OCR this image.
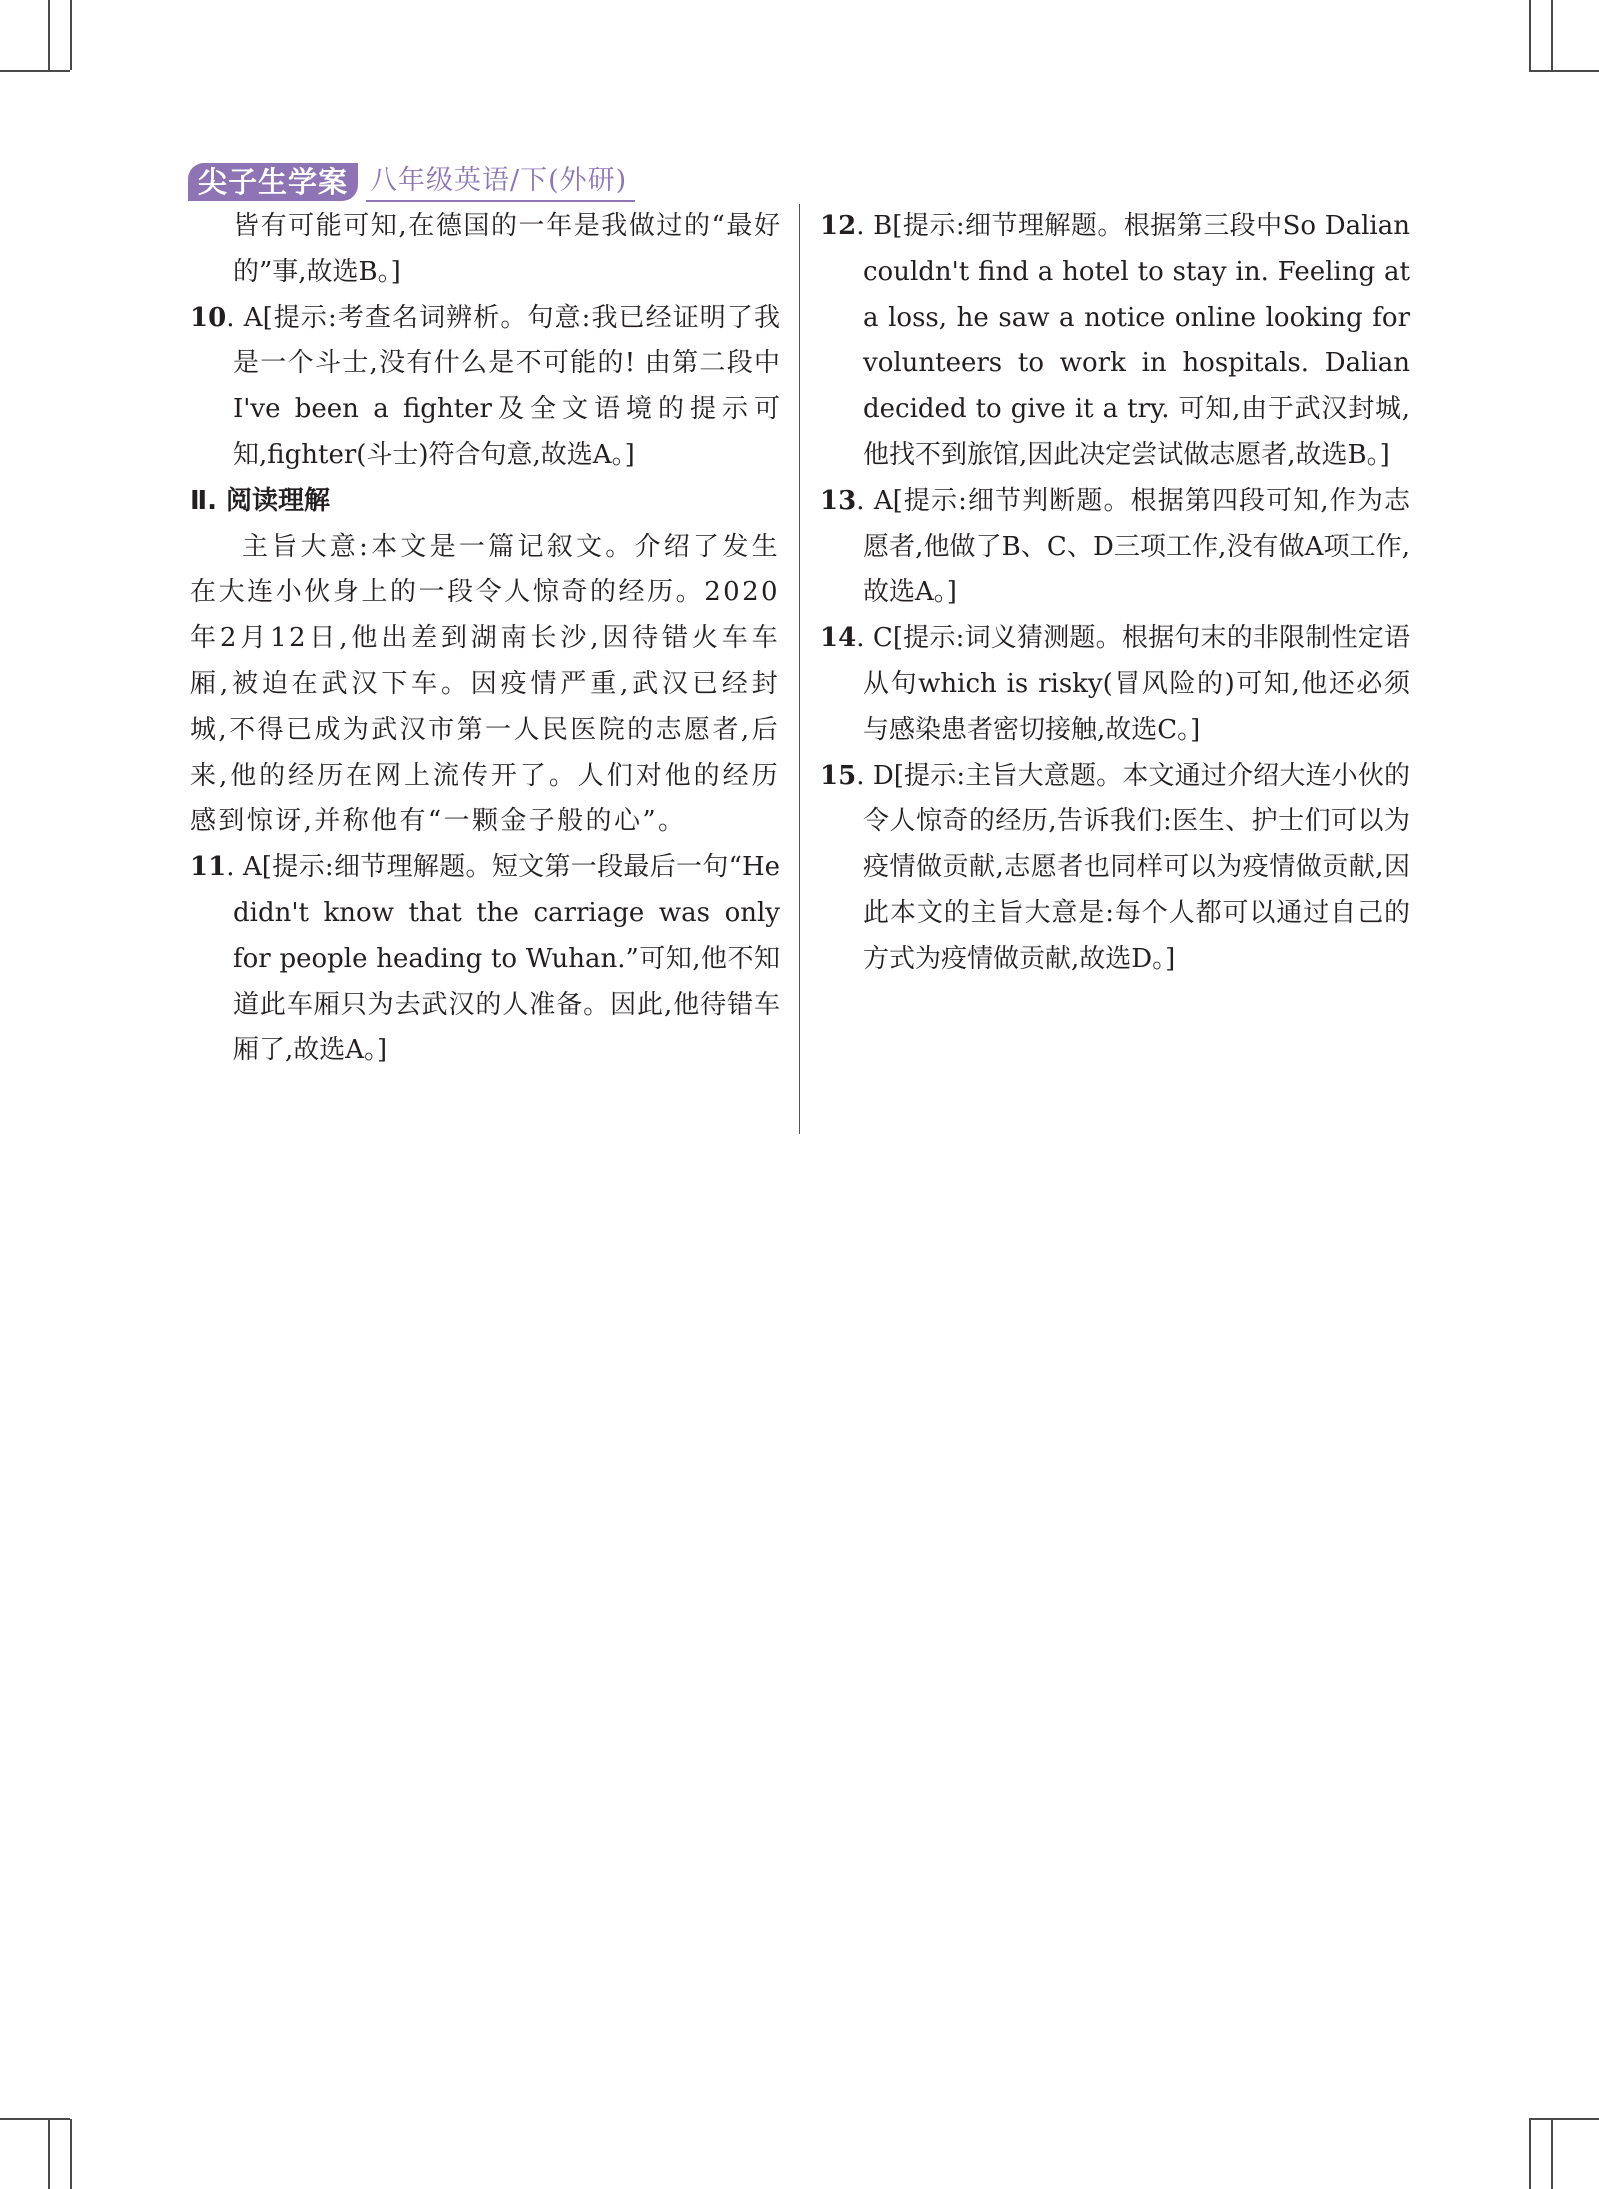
尖子生学案 八年级英语/下(外研)

皆有可能可知,在德国的一年是我做过的“最好的”事,故选B。]

10. A[提示:考查名词辨析。句意:我已经证明了我是一个斗士,没有什么是不可能的! 由第二段中I've been a fighter及全文语境的提示可知,fighter(斗士)符合句意,故选A。]

Ⅱ. 阅读理解

主旨大意:本文是一篇记叙文。介绍了发生在大连小伙身上的一段令人惊奇的经历。2020年2月12日,他出差到湖南长沙,因待错火车车厢,被迫在武汉下车。因疫情严重,武汉已经封城,不得已成为武汉市第一人民医院的志愿者,后来,他的经历在网上流传开了。人们对他的经历感到惊讶,并称他有“一颗金子般的心”。

11. A[提示:细节理解题。短文第一段最后一句“He didn't know that the carriage was only for people heading to Wuhan.”可知,他不知道此车厢只为去武汉的人准备。因此,他待错车厢了,故选A。]

12. B[提示:细节理解题。根据第三段中So Dalian couldn't find a hotel to stay in. Feeling at a loss, he saw a notice online looking for volunteers to work in hospitals. Dalian decided to give it a try. 可知,由于武汉封城,他找不到旅馆,因此决定尝试做志愿者,故选B。]

13. A[提示:细节判断题。根据第四段可知,作为志愿者,他做了B、C、D三项工作,没有做A项工作,故选A。]

14. C[提示:词义猜测题。根据句末的非限制性定语从句which is risky(冒风险的)可知,他还必须与感染患者密切接触,故选C。]

15. D[提示:主旨大意题。本文通过介绍大连小伙的令人惊奇的经历,告诉我们:医生、护士们可以为疫情做贡献,志愿者也同样可以为疫情做贡献,因此本文的主旨大意是:每个人都可以通过自己的方式为疫情做贡献,故选D。]
